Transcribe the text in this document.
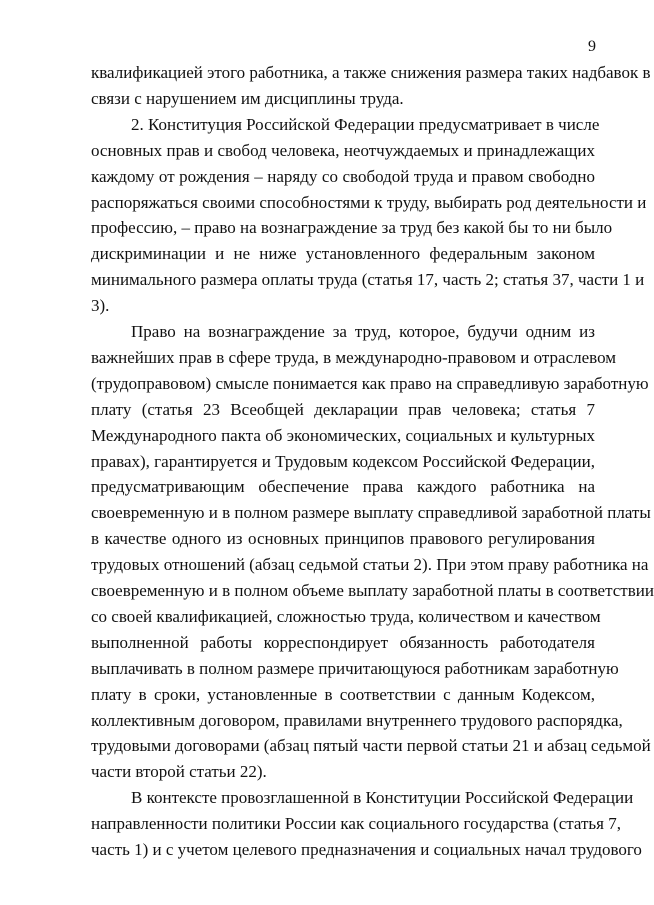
9
квалификацией этого работника, а также снижения размера таких надбавок в
связи с нарушением им дисциплины труда.
2. Конституция Российской Федерации предусматривает в числе
основных прав и свобод человека, неотчуждаемых и принадлежащих
каждому от рождения – наряду со свободой труда и правом свободно
распоряжаться своими способностями к труду, выбирать род деятельности и
профессию, – право на вознаграждение за труд без какой бы то ни было
дискриминации и не ниже установленного федеральным законом
минимального размера оплаты труда (статья 17, часть 2; статья 37, части 1 и
3).
Право на вознаграждение за труд, которое, будучи одним из
важнейших прав в сфере труда, в международно-правовом и отраслевом
(трудоправовом) смысле понимается как право на справедливую заработную
плату (статья 23 Всеобщей декларации прав человека; статья 7
Международного пакта об экономических, социальных и культурных
правах), гарантируется и Трудовым кодексом Российской Федерации,
предусматривающим обеспечение права каждого работника на
своевременную и в полном размере выплату справедливой заработной платы
в качестве одного из основных принципов правового регулирования
трудовых отношений (абзац седьмой статьи 2). При этом праву работника на
своевременную и в полном объеме выплату заработной платы в соответствии
со своей квалификацией, сложностью труда, количеством и качеством
выполненной работы корреспондирует обязанность работодателя
выплачивать в полном размере причитающуюся работникам заработную
плату в сроки, установленные в соответствии с данным Кодексом,
коллективным договором, правилами внутреннего трудового распорядка,
трудовыми договорами (абзац пятый части первой статьи 21 и абзац седьмой
части второй статьи 22).
В контексте провозглашенной в Конституции Российской Федерации
направленности политики России как социального государства (статья 7,
часть 1) и с учетом целевого предназначения и социальных начал трудового
